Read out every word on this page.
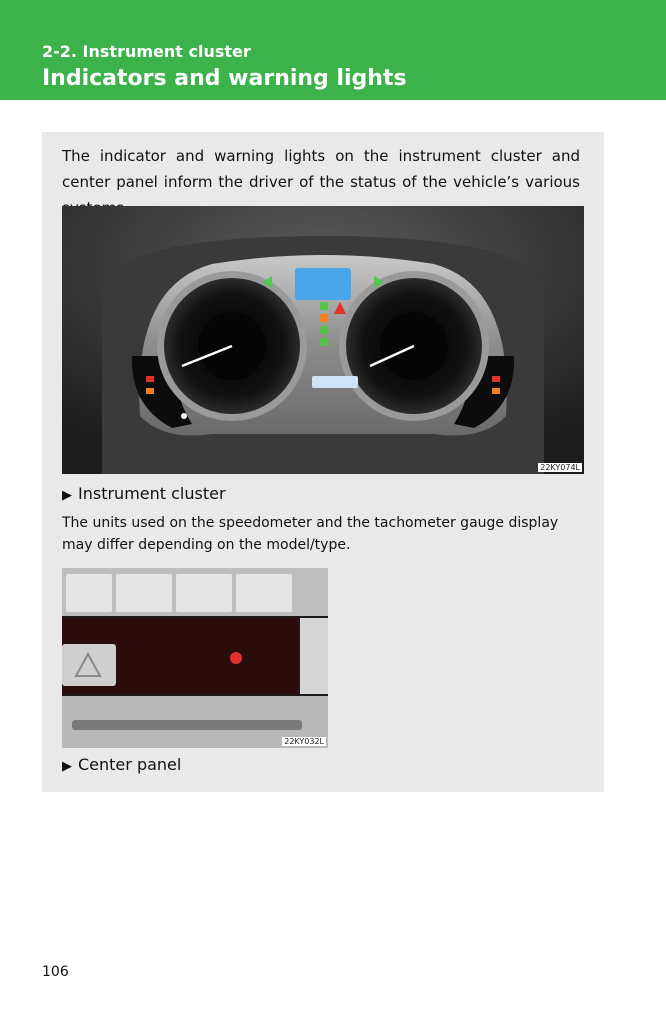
2-2. Instrument cluster
Indicators and warning lights
The indicator and warning lights on the instrument cluster and center panel inform the driver of the status of the vehicle’s various
22KY074L
▶ Instrument cluster
The units used on the speedometer and the tachometer gauge display may differ depending on the model/type.
22KY032L
▶ Center panel
106
